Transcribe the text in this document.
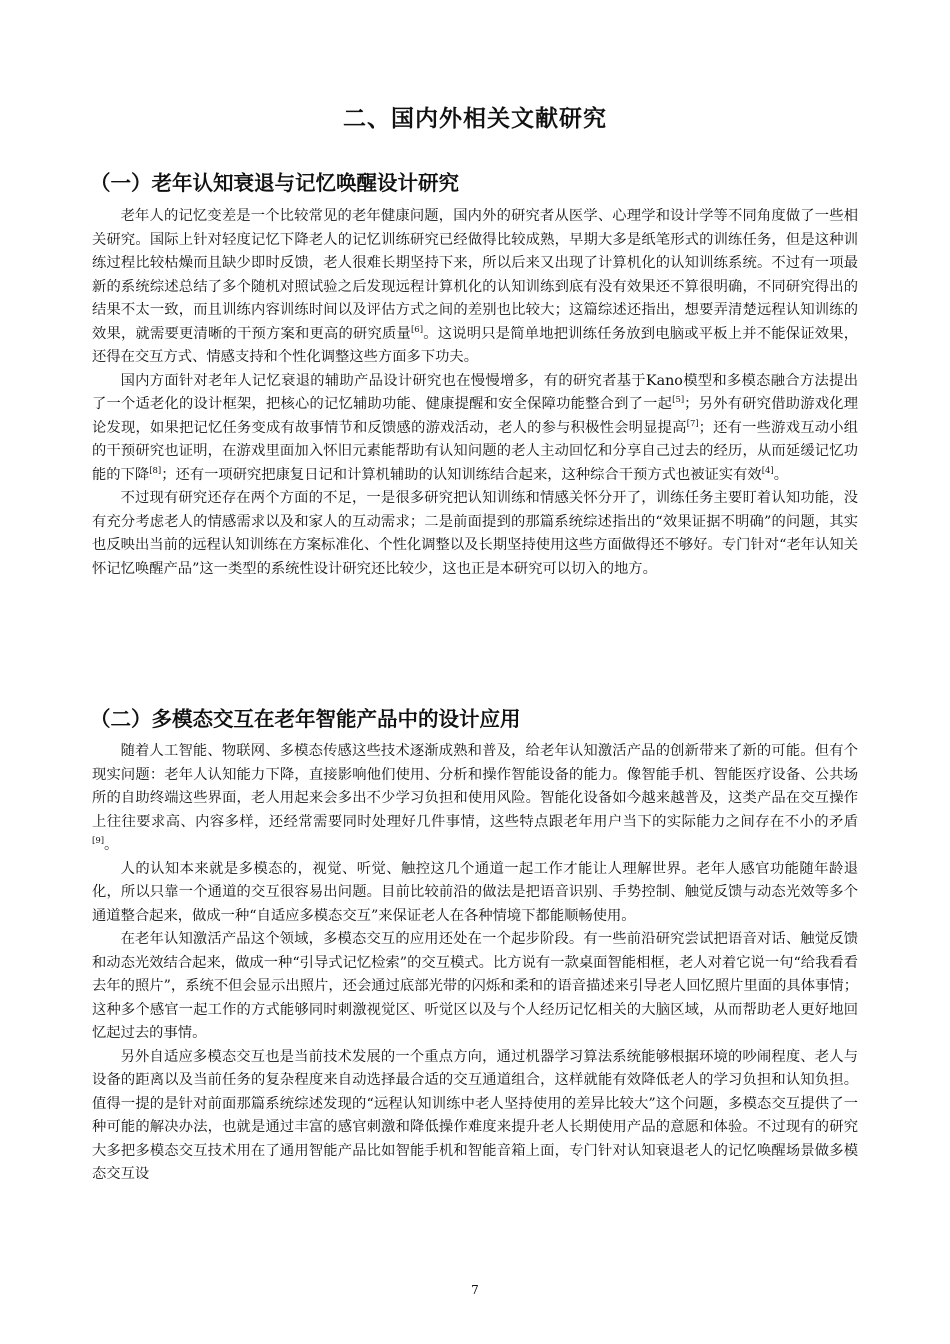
二、国内外相关文献研究
（一）老年认知衰退与记忆唤醒设计研究

老年人的记忆变差是一个比较常见的老年健康问题，国内外的研究者从医学、心理学和设计学等不同角度做了一些相关研究。国际上针对轻度记忆下降老人的记忆训练研究已经做得比较成熟，早期大多是纸笔形式的训练任务，但是这种训练过程比较枯燥而且缺少即时反馈，老人很难长期坚持下来，所以后来又出现了计算机化的认知训练系统。不过有一项最新的系统综述总结了多个随机对照试验之后发现远程计算机化的认知训练到底有没有效果还不算很明确，不同研究得出的结果不太一致，而且训练内容训练时间以及评估方式之间的差别也比较大；这篇综述还指出，想要弄清楚远程认知训练的效果，就需要更清晰的干预方案和更高的研究质量[6]。这说明只是简单地把训练任务放到电脑或平板上并不能保证效果，还得在交互方式、情感支持和个性化调整这些方面多下功夫。

国内方面针对老年人记忆衰退的辅助产品设计研究也在慢慢增多，有的研究者基于Kano模型和多模态融合方法提出了一个适老化的设计框架，把核心的记忆辅助功能、健康提醒和安全保障功能整合到了一起[5]；另外有研究借助游戏化理论发现，如果把记忆任务变成有故事情节和反馈感的游戏活动，老人的参与积极性会明显提高[7]；还有一些游戏互动小组的干预研究也证明，在游戏里面加入怀旧元素能帮助有认知问题的老人主动回忆和分享自己过去的经历，从而延缓记忆功能的下降[8]；还有一项研究把康复日记和计算机辅助的认知训练结合起来，这种综合干预方式也被证实有效[4]。

不过现有研究还存在两个方面的不足，一是很多研究把认知训练和情感关怀分开了，训练任务主要盯着认知功能，没有充分考虑老人的情感需求以及和家人的互动需求；二是前面提到的那篇系统综述指出的“效果证据不明确”的问题，其实也反映出当前的远程认知训练在方案标准化、个性化调整以及长期坚持使用这些方面做得还不够好。专门针对“老年认知关怀记忆唤醒产品”这一类型的系统性设计研究还比较少，这也正是本研究可以切入的地方。

（二）多模态交互在老年智能产品中的设计应用

随着人工智能、物联网、多模态传感这些技术逐渐成熟和普及，给老年认知激活产品的创新带来了新的可能。但有个现实问题：老年人认知能力下降，直接影响他们使用、分析和操作智能设备的能力。像智能手机、智能医疗设备、公共场所的自助终端这些界面，老人用起来会多出不少学习负担和使用风险。智能化设备如今越来越普及，这类产品在交互操作上往往要求高、内容多样，还经常需要同时处理好几件事情，这些特点跟老年用户当下的实际能力之间存在不小的矛盾[9]。

人的认知本来就是多模态的，视觉、听觉、触控这几个通道一起工作才能让人理解世界。老年人感官功能随年龄退化，所以只靠一个通道的交互很容易出问题。目前比较前沿的做法是把语音识别、手势控制、触觉反馈与动态光效等多个通道整合起来，做成一种“自适应多模态交互”来保证老人在各种情境下都能顺畅使用。

在老年认知激活产品这个领域，多模态交互的应用还处在一个起步阶段。有一些前沿研究尝试把语音对话、触觉反馈和动态光效结合起来，做成一种“引导式记忆检索”的交互模式。比方说有一款桌面智能相框，老人对着它说一句“给我看看去年的照片”，系统不但会显示出照片，还会通过底部光带的闪烁和柔和的语音描述来引导老人回忆照片里面的具体事情；这种多个感官一起工作的方式能够同时刺激视觉区、听觉区以及与个人经历记忆相关的大脑区域，从而帮助老人更好地回忆起过去的事情。

另外自适应多模态交互也是当前技术发展的一个重点方向，通过机器学习算法系统能够根据环境的吵闹程度、老人与设备的距离以及当前任务的复杂程度来自动选择最合适的交互通道组合，这样就能有效降低老人的学习负担和认知负担。值得一提的是针对前面那篇系统综述发现的“远程认知训练中老人坚持使用的差异比较大”这个问题，多模态交互提供了一种可能的解决办法，也就是通过丰富的感官刺激和降低操作难度来提升老人长期使用产品的意愿和体验。不过现有的研究大多把多模态交互技术用在了通用智能产品比如智能手机和智能音箱上面，专门针对认知衰退老人的记忆唤醒场景做多模态交互设

7
